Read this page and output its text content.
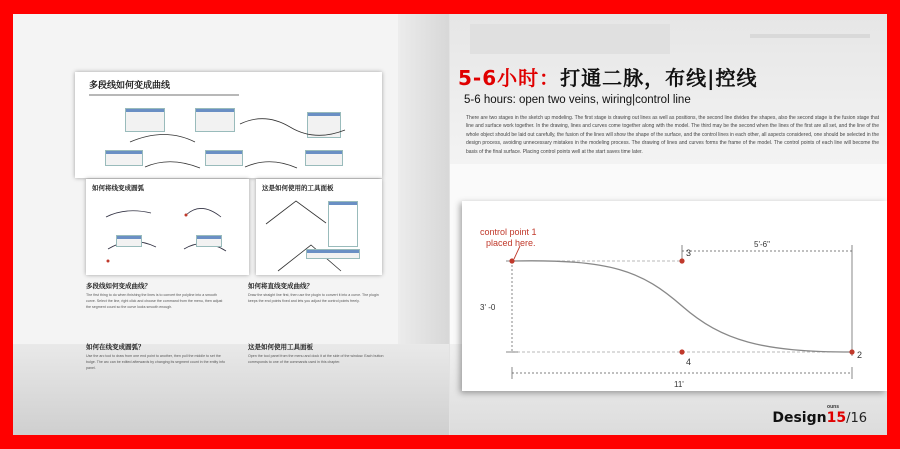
多段线如何变成曲线
如何将线变成圆弧	这是如何使用的工具面板
多段线如何变成曲线？
The first thing to do when finishing the lines is to convert the polyline into a smooth curve. Select the line, right click and choose the command from the menu, then adjust the segment count so the curve looks smooth enough.
如何在线变成圆弧？
Use the arc tool to draw from one end point to another, then pull the middle to set the bulge. The arc can be edited afterwards by changing its segment count in the entity info panel.
如何将直线变成曲线？
Draw the straight line first, then use the plugin to convert it into a curve. The plugin keeps the end points fixed and lets you adjust the control points freely.
这是如何使用工具面板
Open the tool panel from the menu and dock it at the side of the window. Each button corresponds to one of the commands used in this chapter.
5-6小时：打通二脉，布线|控线
5-6 hours: open two veins, wiring|control line
There are two stages in the sketch up modeling. The first stage is drawing out lines as well as positions, the second line divides the shapes, also the second stage is the fusion stage that line and surface work together. In the drawing, lines and curves come together along with the model. The third may be the second when the lines of the first are all set, and the line of the whole object should be laid out carefully, the fusion of the lines will show the shape of the surface, and the control lines in each other, all aspects considered, one should be selected in the design process, avoiding unnecessary mistakes in the modeling process. The drawing of lines and curves forms the frame of the model. The control points of each line will become the basis of the final surface. Placing control points well at the start saves time later.
control point 1
placed here.	5'-6"
3' -0
11'
3
4
2
ouns
Design15/16
